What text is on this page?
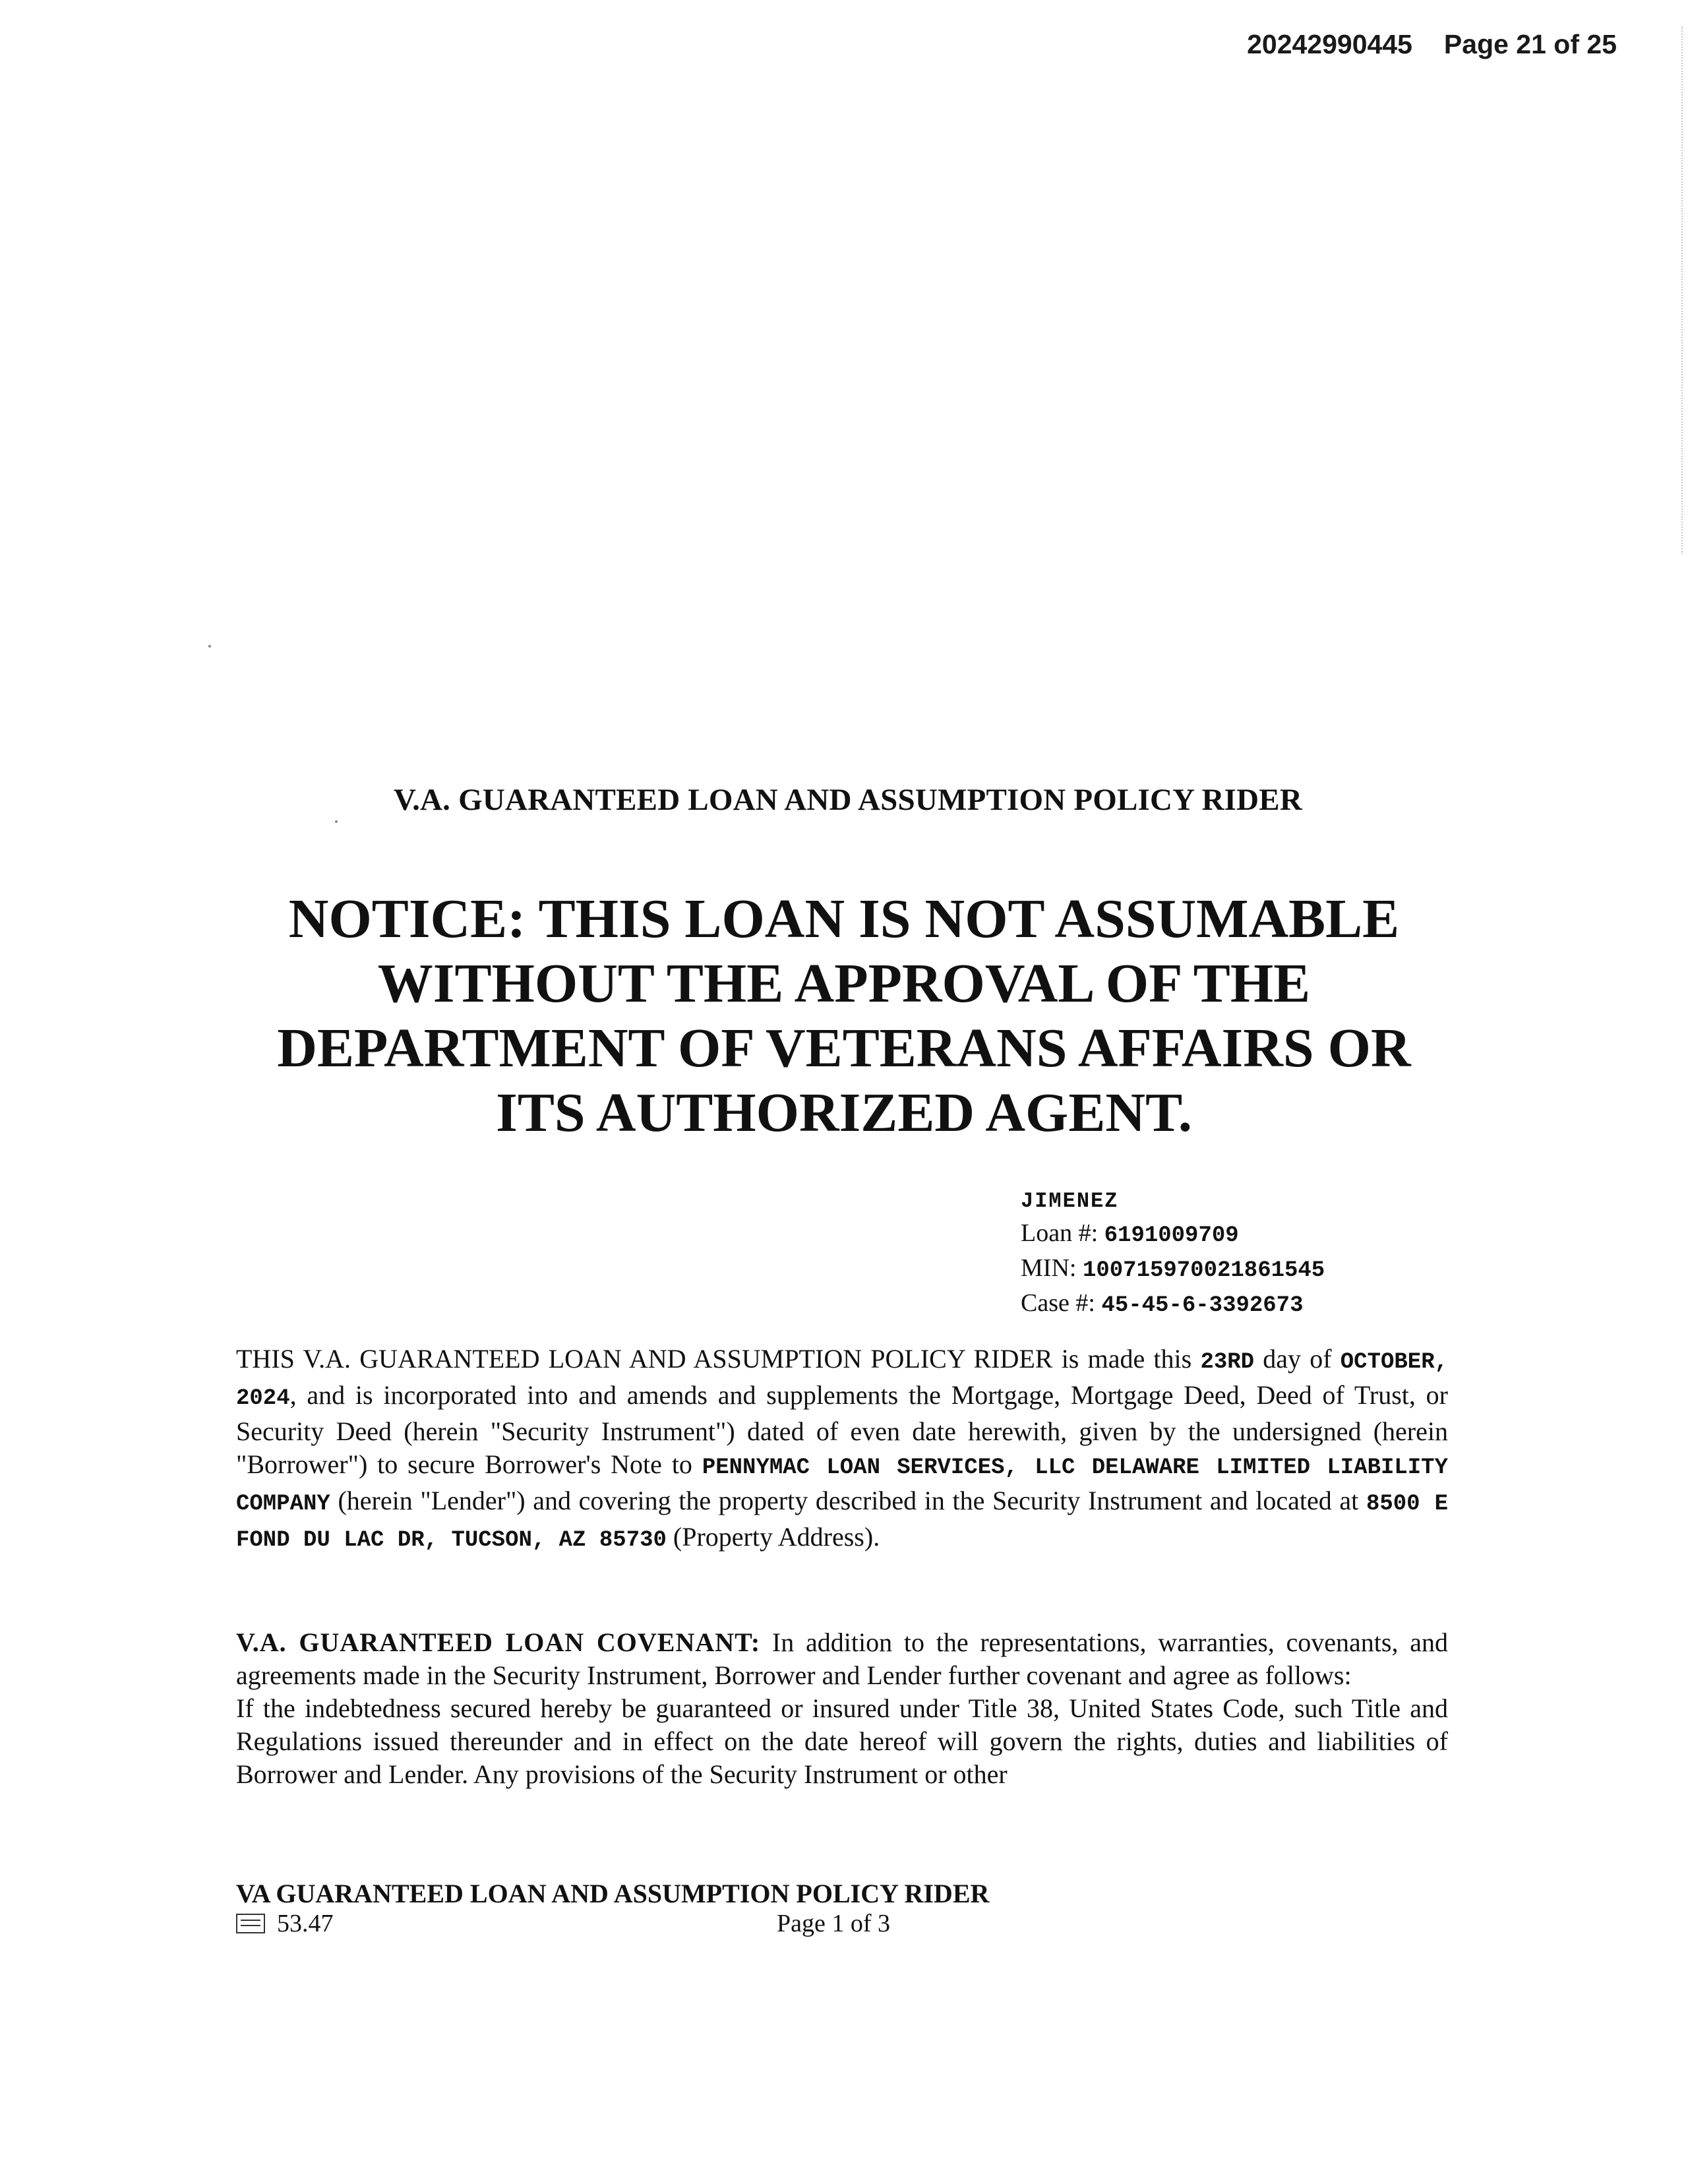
20242990445 Page 21 of 25
V.A. GUARANTEED LOAN AND ASSUMPTION POLICY RIDER
NOTICE: THIS LOAN IS NOT ASSUMABLE
WITHOUT THE APPROVAL OF THE
DEPARTMENT OF VETERANS AFFAIRS OR
ITS AUTHORIZED AGENT.
JIMENEZ
Loan #: 6191009709
MIN: 100715970021861545
Case #: 45-45-6-3392673
THIS V.A. GUARANTEED LOAN AND ASSUMPTION POLICY RIDER is made this 23RD day of OCTOBER, 2024, and is incorporated into and amends and supplements the Mortgage, Mortgage Deed, Deed of Trust, or Security Deed (herein "Security Instrument") dated of even date herewith, given by the undersigned (herein "Borrower") to secure Borrower's Note to PENNYMAC LOAN SERVICES, LLC DELAWARE LIMITED LIABILITY COMPANY (herein "Lender") and covering the property described in the Security Instrument and located at 8500 E FOND DU LAC DR, TUCSON, AZ 85730 (Property Address).
V.A. GUARANTEED LOAN COVENANT: In addition to the representations, warranties, covenants, and agreements made in the Security Instrument, Borrower and Lender further covenant and agree as follows:
If the indebtedness secured hereby be guaranteed or insured under Title 38, United States Code, such Title and Regulations issued thereunder and in effect on the date hereof will govern the rights, duties and liabilities of Borrower and Lender. Any provisions of the Security Instrument or other
VA GUARANTEED LOAN AND ASSUMPTION POLICY RIDER
53.47	Page 1 of 3
